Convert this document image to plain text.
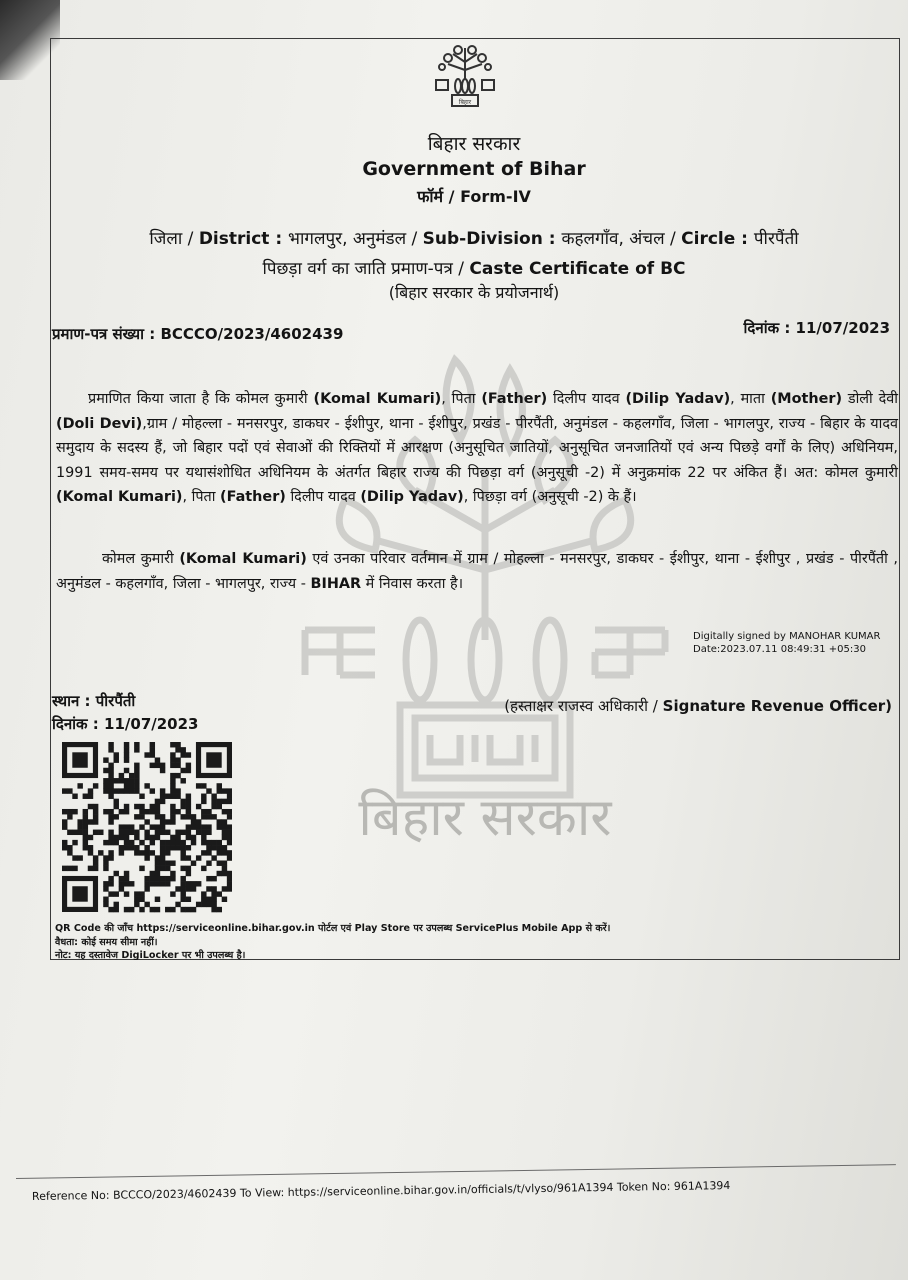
बिहार सरकार
बिहार
बिहार सरकार
Government of Bihar
फॉर्म / Form-IV
जिला / District : भागलपुर, अनुमंडल / Sub-Division : कहलगाँव, अंचल / Circle : पीरपैंती
पिछड़ा वर्ग का जाति प्रमाण-पत्र / Caste Certificate of BC
(बिहार सरकार के प्रयोजनार्थ)
प्रमाण-पत्र संख्या : BCCCO/2023/4602439	दिनांक : 11/07/2023
प्रमाणित किया जाता है कि कोमल कुमारी (Komal Kumari), पिता (Father) दिलीप यादव (Dilip Yadav), माता (Mother) डोली देवी (Doli Devi),ग्राम / मोहल्ला - मनसरपुर, डाकघर - ईशीपुर, थाना - ईशीपुर, प्रखंड - पीरपैंती, अनुमंडल - कहलगाँव, जिला - भागलपुर, राज्य - बिहार के यादव समुदाय के सदस्य हैं, जो बिहार पदों एवं सेवाओं की रिक्तियों में आरक्षण (अनुसूचित जातियों, अनुसूचित जनजातियों एवं अन्य पिछड़े वर्गों के लिए) अधिनियम, 1991 समय-समय पर यथासंशोधित अधिनियम के अंतर्गत बिहार राज्य की पिछड़ा वर्ग (अनुसूची -2) में अनुक्रमांक 22 पर अंकित हैं। अत: कोमल कुमारी (Komal Kumari), पिता (Father) दिलीप यादव (Dilip Yadav), पिछड़ा वर्ग (अनुसूची -2) के हैं।
कोमल कुमारी (Komal Kumari) एवं उनका परिवार वर्तमान में ग्राम / मोहल्ला - मनसरपुर, डाकघर - ईशीपुर, थाना - ईशीपुर , प्रखंड - पीरपैंती , अनुमंडल - कहलगाँव, जिला - भागलपुर, राज्य - BIHAR में निवास करता है।
Digitally signed by MANOHAR KUMAR
Date:2023.07.11 08:49:31 +05:30
स्थान : पीरपैंती
दिनांक : 11/07/2023
(हस्ताक्षर राजस्व अधिकारी / Signature Revenue Officer)
QR Code की जाँच https://serviceonline.bihar.gov.in पोर्टल एवं Play Store पर उपलब्ध ServicePlus Mobile App से करें।
वैधता: कोई समय सीमा नहीं।
नोट: यह दस्तावेज DigiLocker पर भी उपलब्ध है।
Reference No: BCCCO/2023/4602439 To View: https://serviceonline.bihar.gov.in/officials/t/vlyso/961A1394 Token No: 961A1394
